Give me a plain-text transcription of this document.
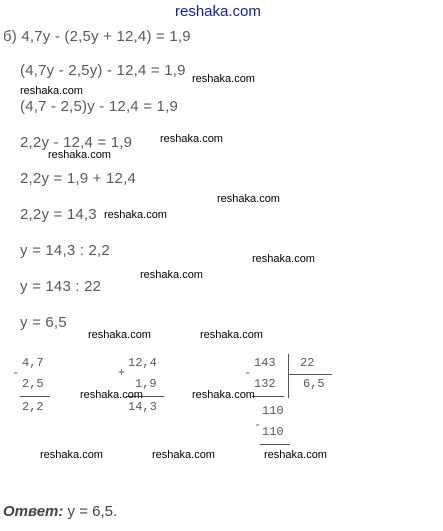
reshaka.com
б) 4,7y - (2,5y + 12,4) = 1,9
(4,7y - 2,5y) - 12,4 = 1,9
(4,7 - 2,5)y - 12,4 = 1,9
2,2y - 12,4 = 1,9
2,2y = 1,9 + 12,4
2,2y = 14,3
y = 14,3 : 2,2
y = 143 : 22
y = 6,5
-
4,7
2,5
2,2
+
12,4
1,9
14,3
-
143 22
132 6,5
-
110
110
reshaka.com
reshaka.com
reshaka.com
reshaka.com
reshaka.com
reshaka.com
reshaka.com
reshaka.com
reshaka.com	reshaka.com
reshaka.com	reshaka.com
reshaka.com	reshaka.com	reshaka.com
Ответ: y = 6,5.
